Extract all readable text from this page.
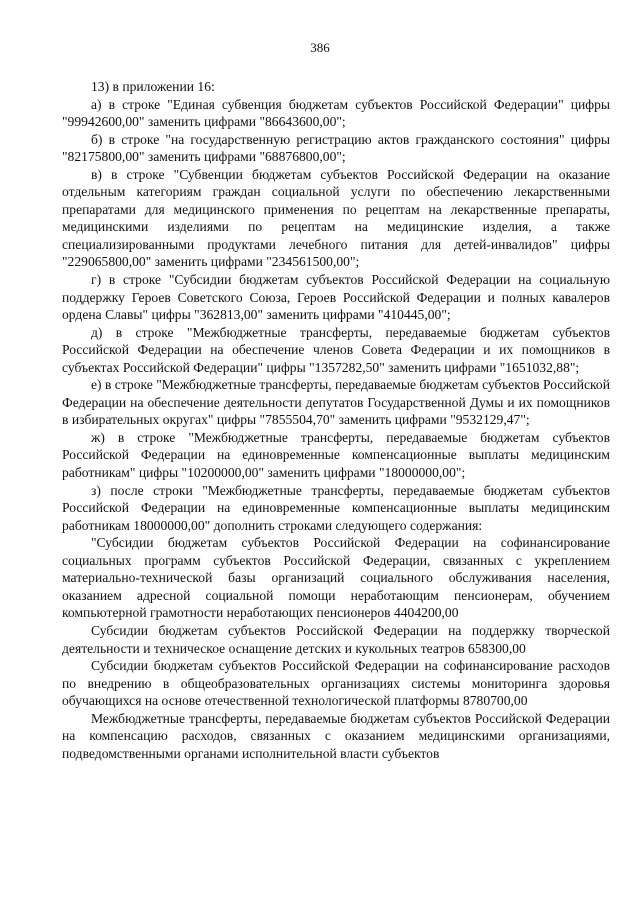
386

13) в приложении 16:

а) в строке "Единая субвенция бюджетам субъектов Российской Федерации" цифры "99942600,00" заменить цифрами "86643600,00";

б) в строке "на государственную регистрацию актов гражданского состояния" цифры "82175800,00" заменить цифрами "68876800,00";

в) в строке "Субвенции бюджетам субъектов Российской Федерации на оказание отдельным категориям граждан социальной услуги по обеспечению лекарственными препаратами для медицинского применения по рецептам на лекарственные препараты, медицинскими изделиями по рецептам на медицинские изделия, а также специализированными продуктами лечебного питания для детей-инвалидов" цифры "229065800,00" заменить цифрами "234561500,00";

г) в строке "Субсидии бюджетам субъектов Российской Федерации на социальную поддержку Героев Советского Союза, Героев Российской Федерации и полных кавалеров ордена Славы" цифры "362813,00" заменить цифрами "410445,00";

д) в строке "Межбюджетные трансферты, передаваемые бюджетам субъектов Российской Федерации на обеспечение членов Совета Федерации и их помощников в субъектах Российской Федерации" цифры "1357282,50" заменить цифрами "1651032,88";

е) в строке "Межбюджетные трансферты, передаваемые бюджетам субъектов Российской Федерации на обеспечение деятельности депутатов Государственной Думы и их помощников в избирательных округах" цифры "7855504,70" заменить цифрами "9532129,47";

ж) в строке "Межбюджетные трансферты, передаваемые бюджетам субъектов Российской Федерации на единовременные компенсационные выплаты медицинским работникам" цифры "10200000,00" заменить цифрами "18000000,00";

з) после строки "Межбюджетные трансферты, передаваемые бюджетам субъектов Российской Федерации на единовременные компенсационные выплаты медицинским работникам 18000000,00" дополнить строками следующего содержания:

"Субсидии бюджетам субъектов Российской Федерации на софинансирование социальных программ субъектов Российской Федерации, связанных с укреплением материально-технической базы организаций социального обслуживания населения, оказанием адресной социальной помощи неработающим пенсионерам, обучением компьютерной грамотности неработающих пенсионеров 4404200,00

Субсидии бюджетам субъектов Российской Федерации на поддержку творческой деятельности и техническое оснащение детских и кукольных театров 658300,00

Субсидии бюджетам субъектов Российской Федерации на софинансирование расходов по внедрению в общеобразовательных организациях системы мониторинга здоровья обучающихся на основе отечественной технологической платформы 8780700,00

Межбюджетные трансферты, передаваемые бюджетам субъектов Российской Федерации на компенсацию расходов, связанных с оказанием медицинскими организациями, подведомственными органами исполнительной власти субъектов
